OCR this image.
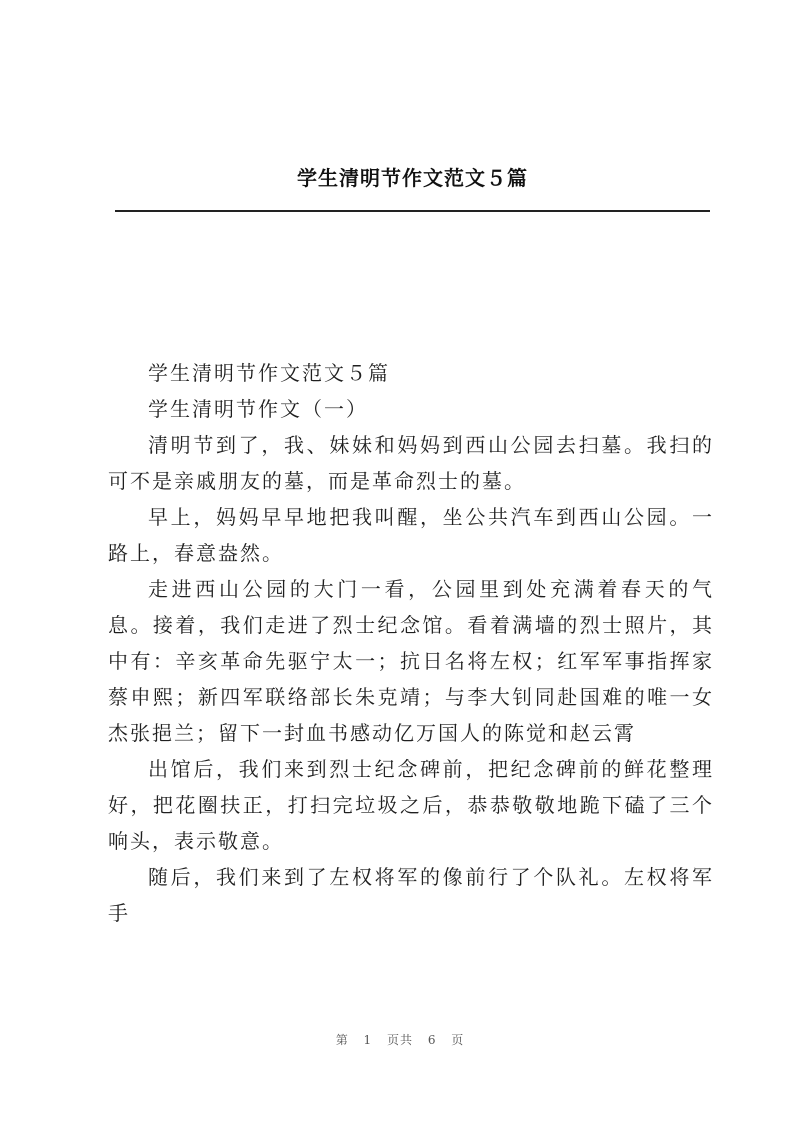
学生清明节作文范文５篇

学生清明节作文范文５篇

学生清明节作文（一）

清明节到了，我、妹妹和妈妈到西山公园去扫墓。我扫的可不是亲戚朋友的墓，而是革命烈士的墓。

早上，妈妈早早地把我叫醒，坐公共汽车到西山公园。一路上，春意盎然。

走进西山公园的大门一看，公园里到处充满着春天的气息。接着，我们走进了烈士纪念馆。看着满墙的烈士照片，其中有：辛亥革命先驱宁太一；抗日名将左权；红军军事指挥家蔡申熙；新四军联络部长朱克靖；与李大钊同赴国难的唯一女杰张挹兰；留下一封血书感动亿万国人的陈觉和赵云霄

出馆后，我们来到烈士纪念碑前，把纪念碑前的鲜花整理好，把花圈扶正，打扫完垃圾之后，恭恭敬敬地跪下磕了三个响头，表示敬意。

随后，我们来到了左权将军的像前行了个队礼。左权将军手

第 1 页共 6 页
